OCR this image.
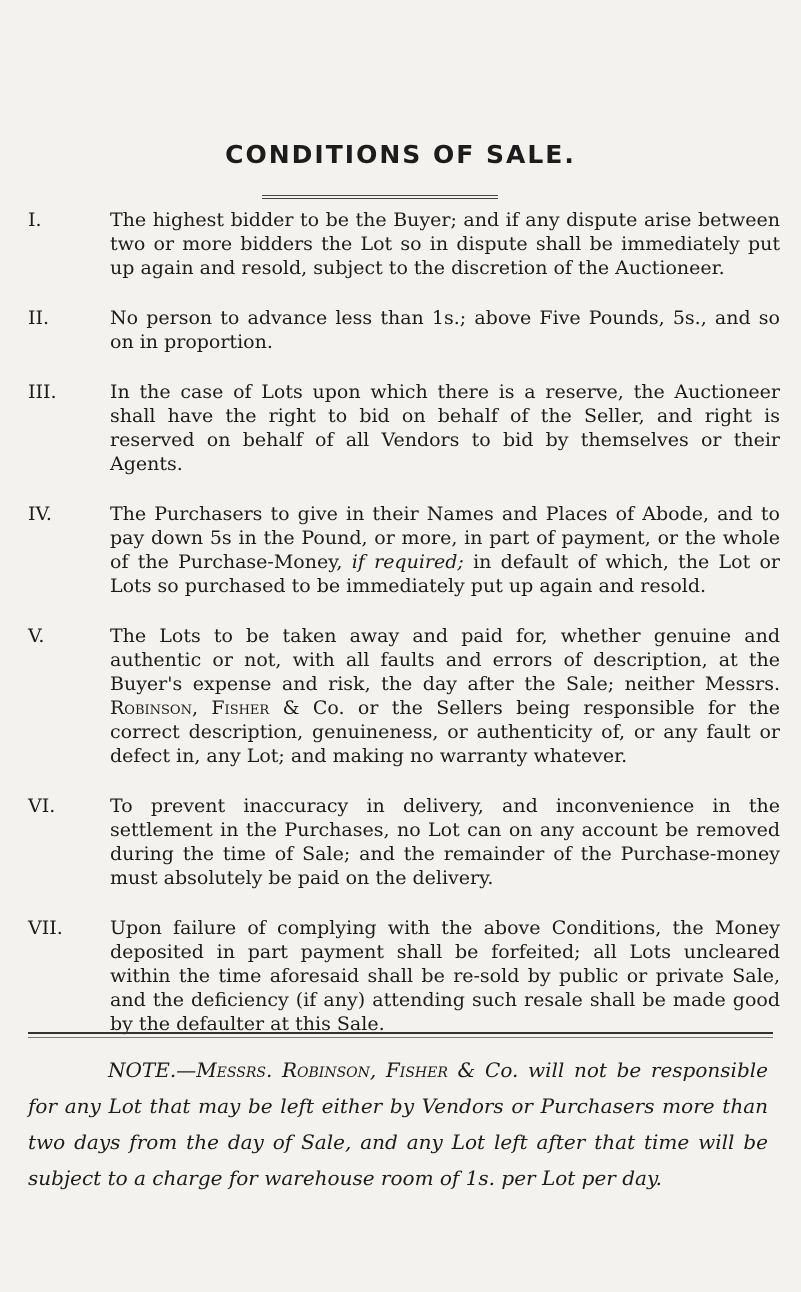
CONDITIONS OF SALE.
I.	The highest bidder to be the Buyer; and if any dispute arise between two or more bidders the Lot so in dispute shall be immediately put up again and resold, subject to the discretion of the Auctioneer.
II.	No person to advance less than 1s.; above Five Pounds, 5s., and so on in proportion.
III.	In the case of Lots upon which there is a reserve, the Auctioneer shall have the right to bid on behalf of the Seller, and right is reserved on behalf of all Vendors to bid by themselves or their Agents.
IV.	The Purchasers to give in their Names and Places of Abode, and to pay down 5s in the Pound, or more, in part of payment, or the whole of the Purchase-Money, if required; in default of which, the Lot or Lots so purchased to be immediately put up again and resold.
V.	The Lots to be taken away and paid for, whether genuine and authentic or not, with all faults and errors of description, at the Buyer's expense and risk, the day after the Sale; neither Messrs. Robinson, Fisher & Co. or the Sellers being responsible for the correct description, genuineness, or authenticity of, or any fault or defect in, any Lot; and making no warranty whatever.
VI.	To prevent inaccuracy in delivery, and inconvenience in the settlement in the Purchases, no Lot can on any account be removed during the time of Sale; and the remainder of the Purchase-money must absolutely be paid on the delivery.
VII.	Upon failure of complying with the above Conditions, the Money deposited in part payment shall be forfeited; all Lots uncleared within the time aforesaid shall be re-sold by public or private Sale, and the deficiency (if any) attending such resale shall be made good by the defaulter at this Sale.

NOTE.—Messrs. Robinson, Fisher & Co. will not be responsible for any Lot that may be left either by Vendors or Purchasers more than two days from the day of Sale, and any Lot left after that time will be subject to a charge for warehouse room of 1s. per Lot per day.
